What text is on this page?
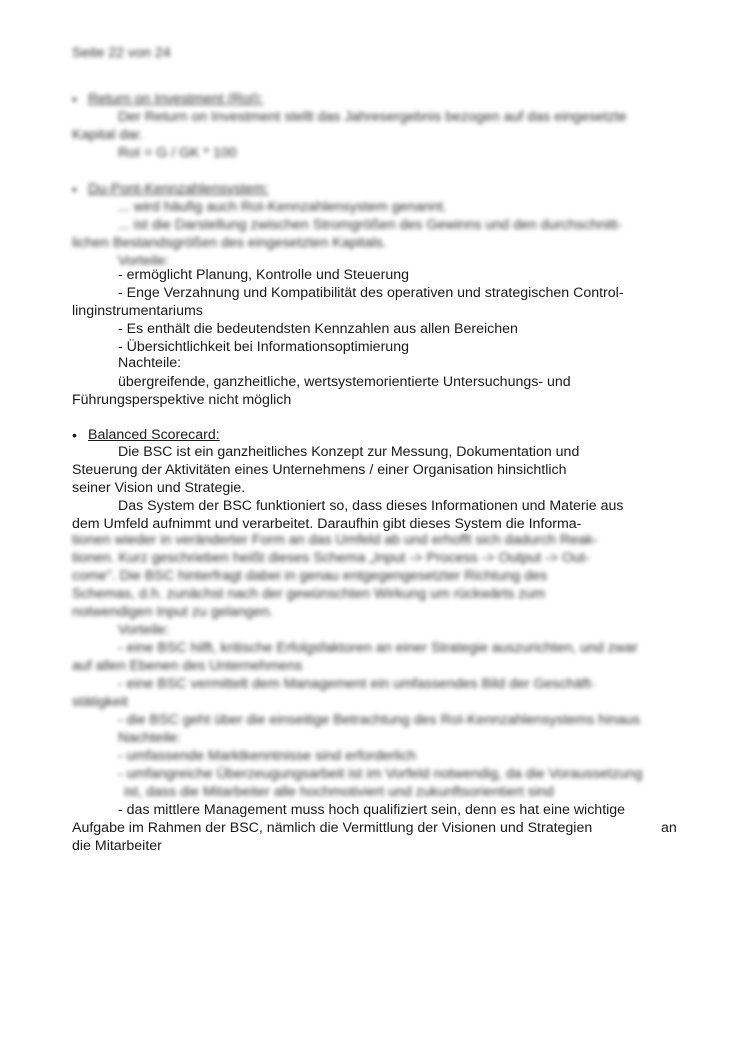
Seite 22 von 24
• Return on Investment (RoI):
Der Return on Investment stellt das Jahresergebnis bezogen auf das eingesetzte
Kapital dar.
RoI = G / GK * 100
• Du-Pont-Kennzahlensystem:
... wird häufig auch RoI-Kennzahlensystem genannt.
... ist die Darstellung zwischen Stromgrößen des Gewinns und den durchschnitt-
lichen Bestandsgrößen des eingesetzten Kapitals.
Vorteile:
- ermöglicht Planung, Kontrolle und Steuerung
- Enge Verzahnung und Kompatibilität des operativen und strategischen Control-
linginstrumentariums
- Es enthält die bedeutendsten Kennzahlen aus allen Bereichen
- Übersichtlichkeit bei Informationsoptimierung
Nachteile:
übergreifende, ganzheitliche, wertsystemorientierte Untersuchungs- und
Führungsperspektive nicht möglich
• Balanced Scorecard:
Die BSC ist ein ganzheitliches Konzept zur Messung, Dokumentation und
Steuerung der Aktivitäten eines Unternehmens / einer Organisation hinsichtlich
seiner Vision und Strategie.
Das System der BSC funktioniert so, dass dieses Informationen und Materie aus
dem Umfeld aufnimmt und verarbeitet. Daraufhin gibt dieses System die Informa-
tionen wieder in veränderter Form an das Umfeld ab und erhofft sich dadurch Reak-
tionen. Kurz geschrieben heißt dieses Schema „Input -> Process -> Output -> Out-
come". Die BSC hinterfragt dabei in genau entgegengesetzter Richtung des
Schemas, d.h. zunächst nach der gewünschten Wirkung um rückwärts zum
notwendigen Input zu gelangen.
Vorteile:
- eine BSC hilft, kritische Erfolgsfaktoren an einer Strategie auszurichten, und zwar
auf allen Ebenen des Unternehmens
- eine BSC vermittelt dem Management ein umfassendes Bild der Geschäft-
stätigkeit
- die BSC geht über die einseitige Betrachtung des RoI-Kennzahlensystems hinaus
Nachteile:
- umfassende Marktkenntnisse sind erforderlich
- umfangreiche Überzeugungsarbeit ist im Vorfeld notwendig, da die Voraussetzung
ist, dass die Mitarbeiter alle hochmotiviert und zukunftsorientiert sind
- das mittlere Management muss hoch qualifiziert sein, denn es hat eine wichtige
Aufgabe im Rahmen der BSC, nämlich die Vermittlung der Visionen und Strategien	an
die Mitarbeiter
